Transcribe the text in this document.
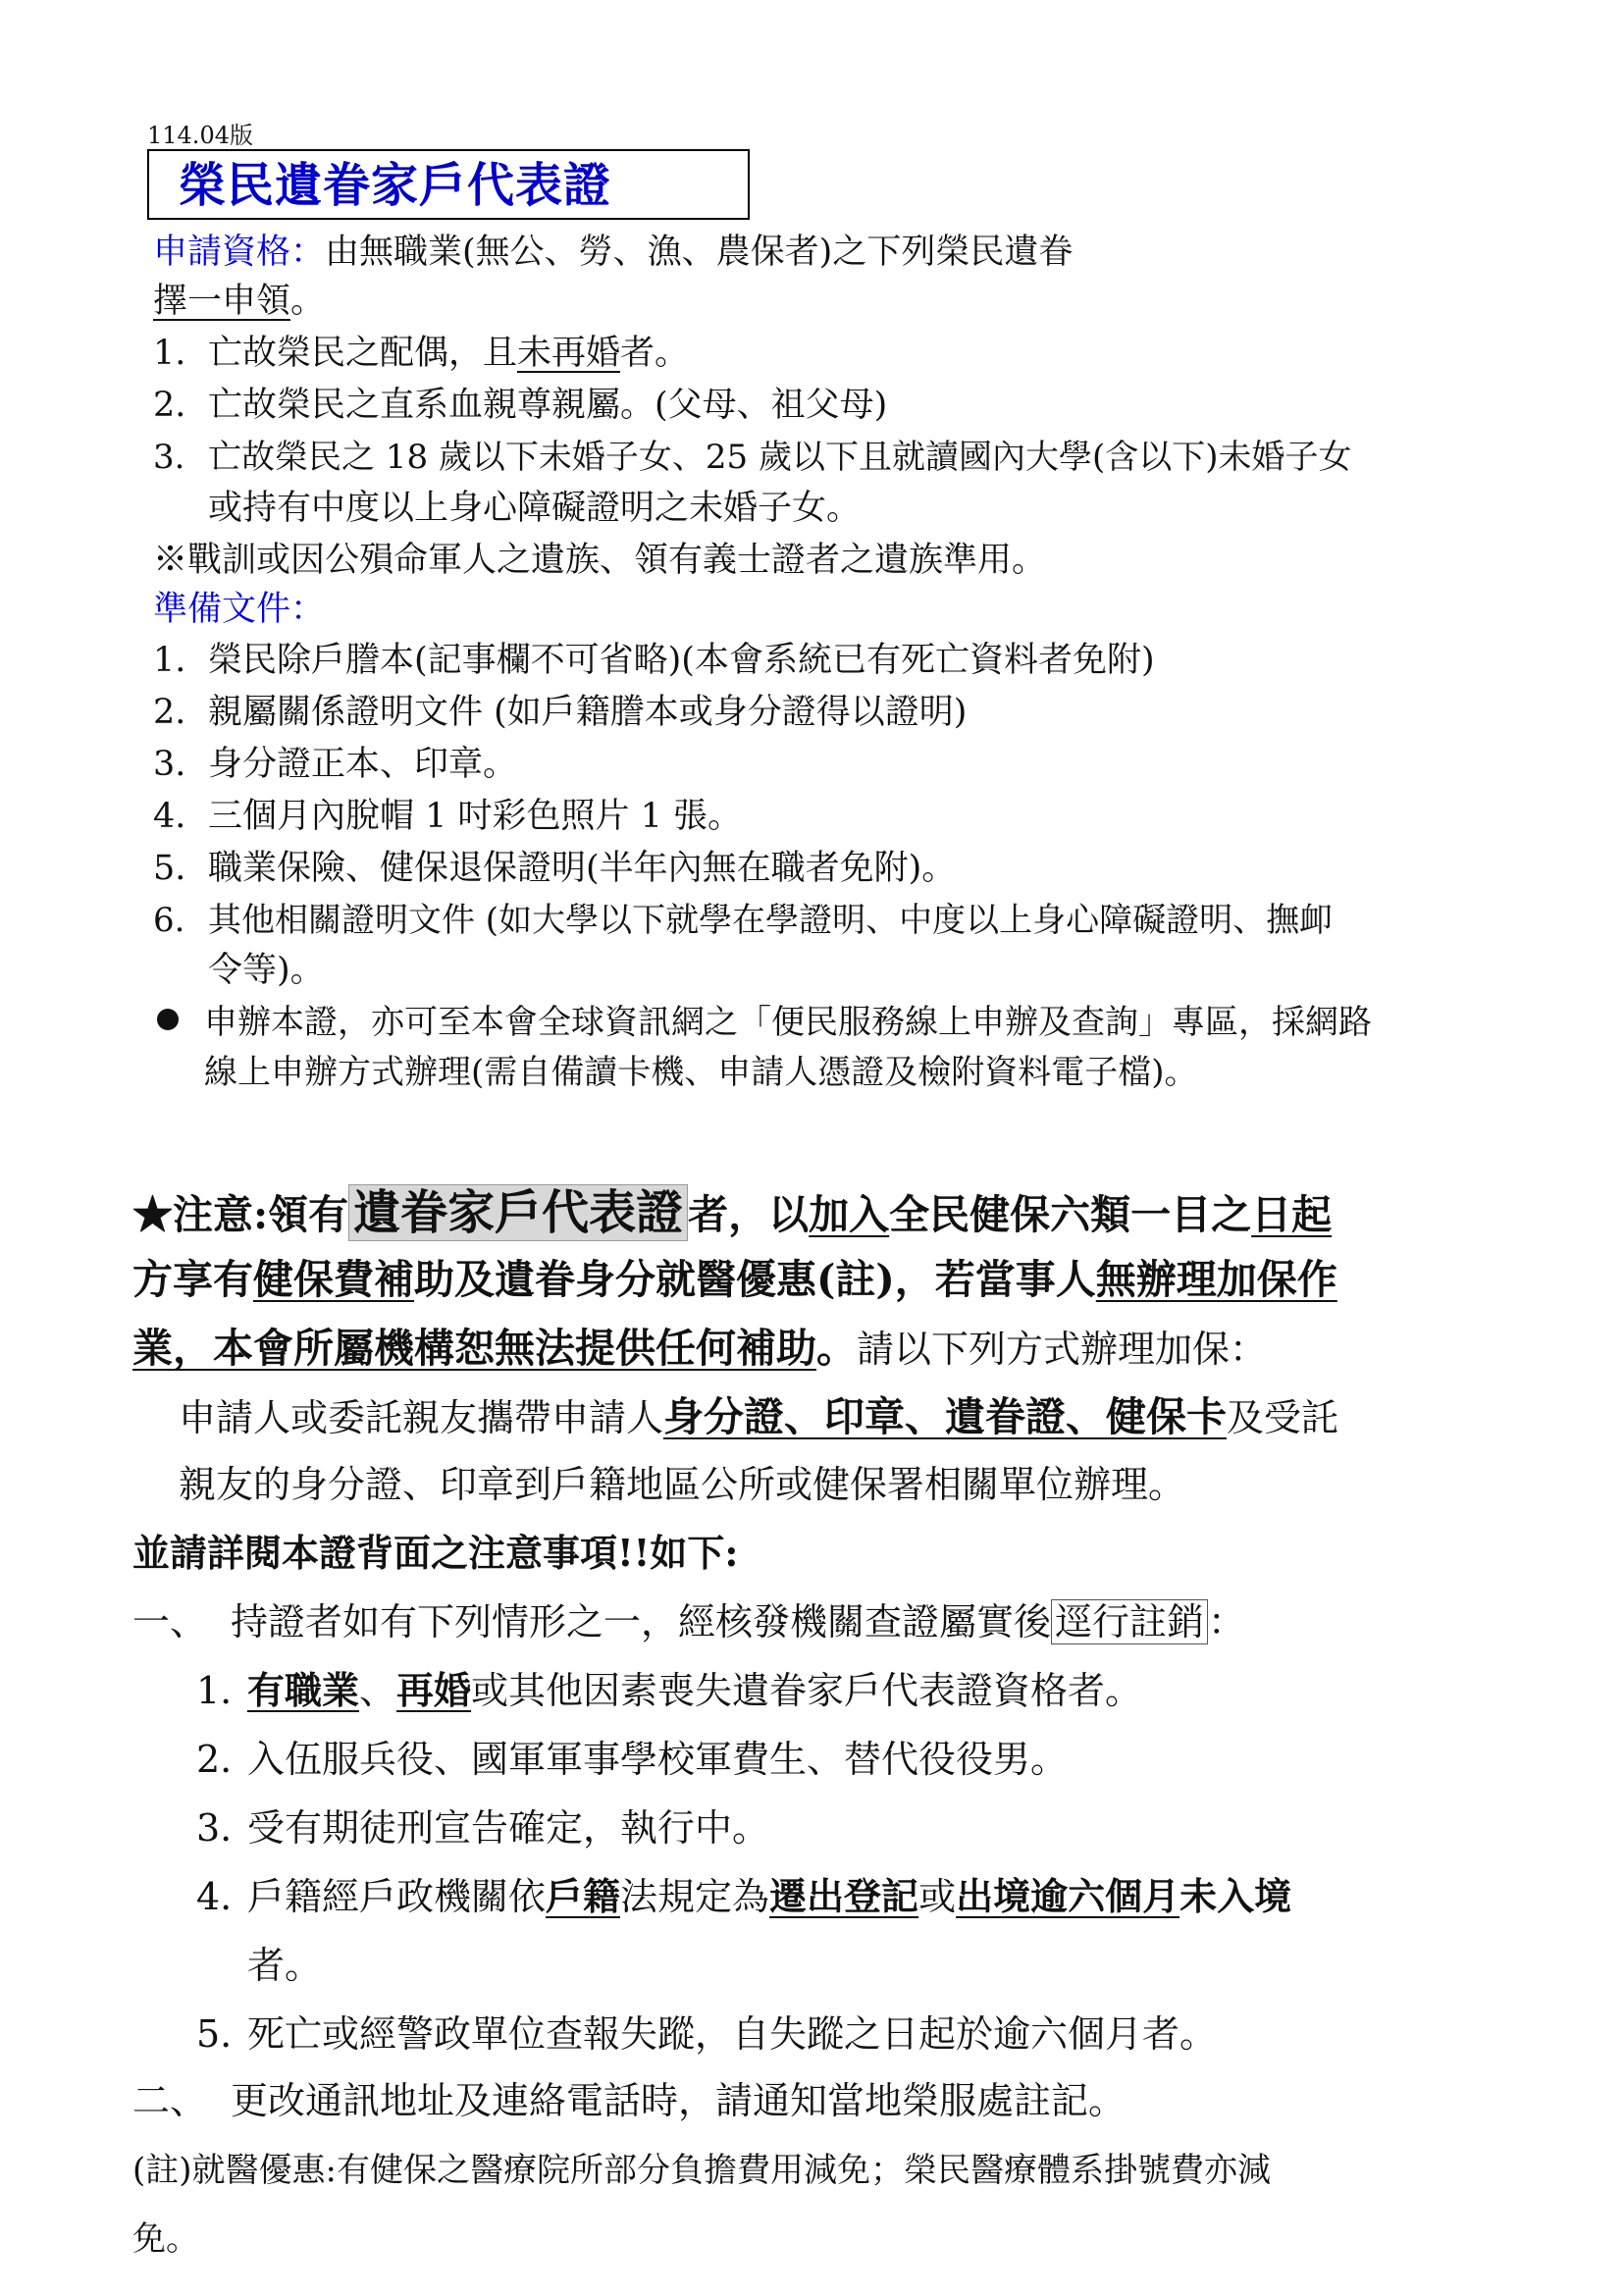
114.04版
榮民遺眷家戶代表證
申請資格：由無職業(無公、勞、漁、農保者)之下列榮民遺眷
擇一申領。
1. 亡故榮民之配偶，且未再婚者。
2. 亡故榮民之直系血親尊親屬。(父母、祖父母)
3. 亡故榮民之 18 歲以下未婚子女、25 歲以下且就讀國內大學(含以下)未婚子女
或持有中度以上身心障礙證明之未婚子女。
※戰訓或因公殞命軍人之遺族、領有義士證者之遺族準用。
準備文件：
1. 榮民除戶謄本(記事欄不可省略)(本會系統已有死亡資料者免附)
2. 親屬關係證明文件 (如戶籍謄本或身分證得以證明)
3. 身分證正本、印章。
4. 三個月內脫帽 1 吋彩色照片 1 張。
5. 職業保險、健保退保證明(半年內無在職者免附)。
6. 其他相關證明文件 (如大學以下就學在學證明、中度以上身心障礙證明、撫卹
令等)。
申辦本證，亦可至本會全球資訊網之「便民服務線上申辦及查詢」專區，採網路
線上申辦方式辦理(需自備讀卡機、申請人憑證及檢附資料電子檔)。
★注意:領有 遺眷家戶代表證 者，以加入全民健保六類一目之日起
方享有健保費補助及遺眷身分就醫優惠(註)，若當事人無辦理加保作
業，本會所屬機構恕無法提供任何補助。請以下列方式辦理加保：
申請人或委託親友攜帶申請人身分證、印章、遺眷證、健保卡及受託
親友的身分證、印章到戶籍地區公所或健保署相關單位辦理。
並請詳閱本證背面之注意事項!!如下:
一、 持證者如有下列情形之一，經核發機關查證屬實後 逕行註銷 ：
1. 有職業、再婚或其他因素喪失遺眷家戶代表證資格者。
2. 入伍服兵役、國軍軍事學校軍費生、替代役役男。
3. 受有期徒刑宣告確定，執行中。
4. 戶籍經戶政機關依戶籍法規定為遷出登記或出境逾六個月未入境
者。
5. 死亡或經警政單位查報失蹤，自失蹤之日起於逾六個月者。
二、 更改通訊地址及連絡電話時，請通知當地榮服處註記。
(註)就醫優惠:有健保之醫療院所部分負擔費用減免；榮民醫療體系掛號費亦減
免。
